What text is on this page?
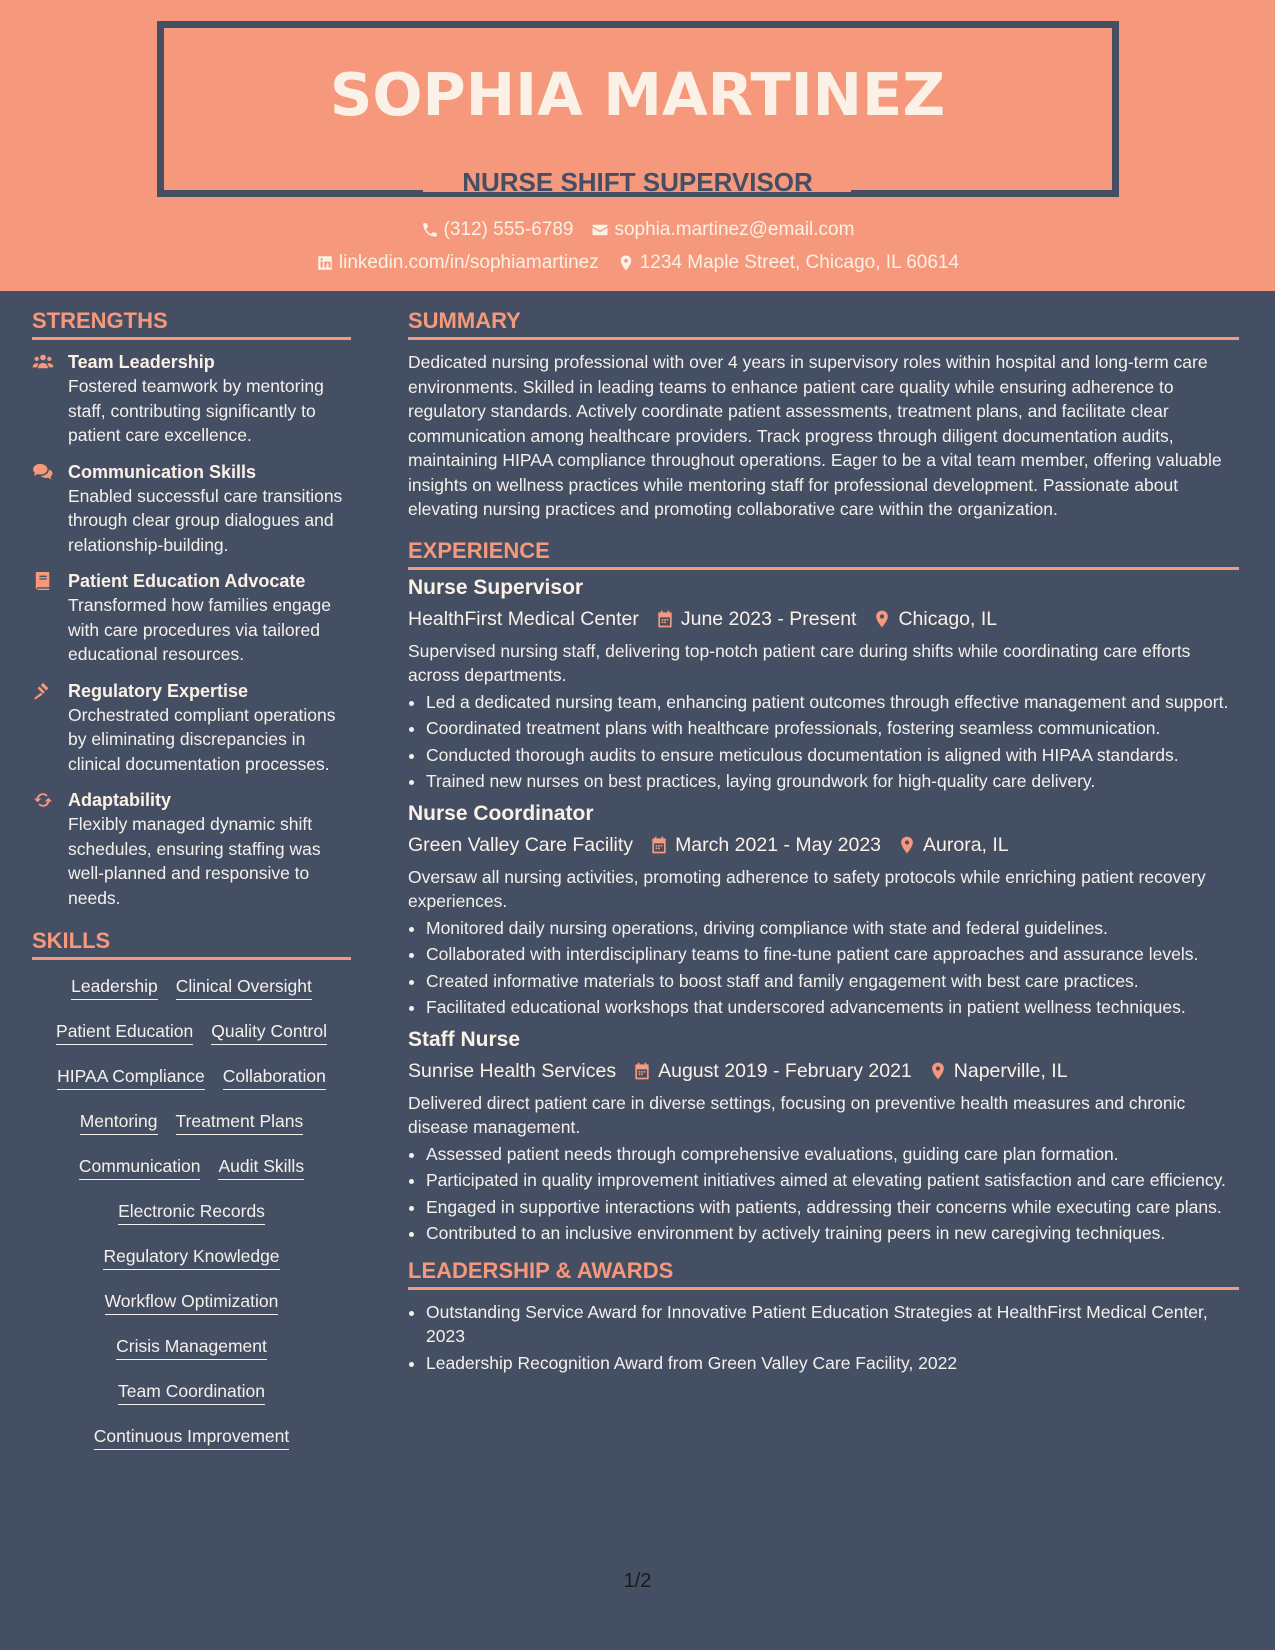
SOPHIA MARTINEZ
NURSE SHIFT SUPERVISOR
(312) 555-6789 sophia.martinez@email.com
linkedin.com/in/sophiamartinez 1234 Maple Street, Chicago, IL 60614
STRENGTHS
Team Leadership
Fostered teamwork by mentoring staff, contributing significantly to patient care excellence.
Communication Skills
Enabled successful care transitions through clear group dialogues and relationship-building.
Patient Education Advocate
Transformed how families engage with care procedures via tailored educational resources.
Regulatory Expertise
Orchestrated compliant operations by eliminating discrepancies in clinical documentation processes.
Adaptability
Flexibly managed dynamic shift schedules, ensuring staffing was well-planned and responsive to needs.
SKILLS
Leadership Clinical Oversight
Patient Education Quality Control
HIPAA Compliance Collaboration
Mentoring Treatment Plans
Communication Audit Skills
Electronic Records
Regulatory Knowledge
Workflow Optimization
Crisis Management
Team Coordination
Continuous Improvement
SUMMARY

Dedicated nursing professional with over 4 years in supervisory roles within hospital and long-term care environments. Skilled in leading teams to enhance patient care quality while ensuring adherence to regulatory standards. Actively coordinate patient assessments, treatment plans, and facilitate clear communication among healthcare providers. Track progress through diligent documentation audits, maintaining HIPAA compliance throughout operations. Eager to be a vital team member, offering valuable insights on wellness practices while mentoring staff for professional development. Passionate about elevating nursing practices and promoting collaborative care within the organization.

EXPERIENCE
Nurse Supervisor
HealthFirst Medical Center June 2023 - Present Chicago, IL

Supervised nursing staff, delivering top-notch patient care during shifts while coordinating care efforts across departments.

• Led a dedicated nursing team, enhancing patient outcomes through effective management and support.
• Coordinated treatment plans with healthcare professionals, fostering seamless communication.
• Conducted thorough audits to ensure meticulous documentation is aligned with HIPAA standards.
• Trained new nurses on best practices, laying groundwork for high-quality care delivery.
Nurse Coordinator
Green Valley Care Facility March 2021 - May 2023 Aurora, IL

Oversaw all nursing activities, promoting adherence to safety protocols while enriching patient recovery experiences.

• Monitored daily nursing operations, driving compliance with state and federal guidelines.
• Collaborated with interdisciplinary teams to fine-tune patient care approaches and assurance levels.
• Created informative materials to boost staff and family engagement with best care practices.
• Facilitated educational workshops that underscored advancements in patient wellness techniques.
Staff Nurse
Sunrise Health Services August 2019 - February 2021 Naperville, IL

Delivered direct patient care in diverse settings, focusing on preventive health measures and chronic disease management.

• Assessed patient needs through comprehensive evaluations, guiding care plan formation.
• Participated in quality improvement initiatives aimed at elevating patient satisfaction and care efficiency.
• Engaged in supportive interactions with patients, addressing their concerns while executing care plans.
• Contributed to an inclusive environment by actively training peers in new caregiving techniques.
LEADERSHIP & AWARDS
• Outstanding Service Award for Innovative Patient Education Strategies at HealthFirst Medical Center, 2023
• Leadership Recognition Award from Green Valley Care Facility, 2022
1/2
